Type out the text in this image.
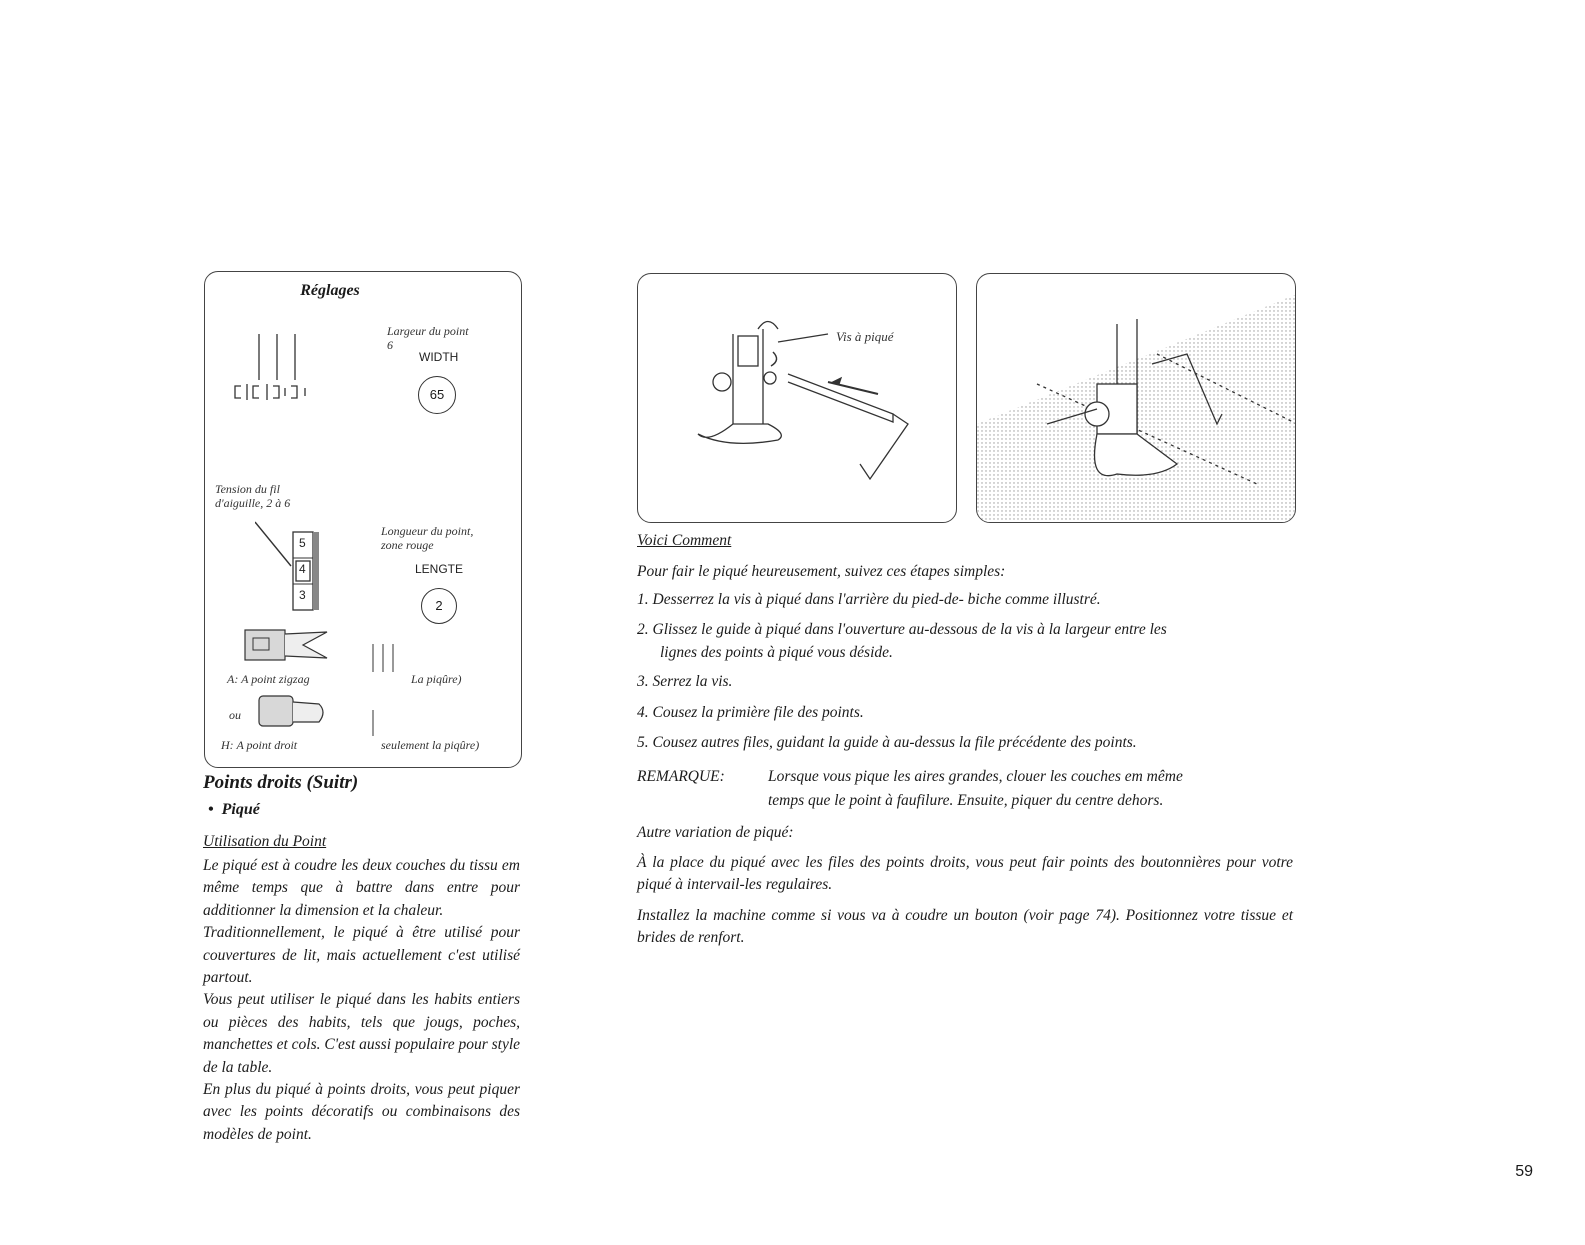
Réglages
Largeur du point
6
WIDTH
65
Tension du fil
d'aiguille, 2 à 6
5
4
3
Longueur du point,
zone rouge
LENGTE
2
A: A point zigzag	La piqûre)
ou
H: A point droit	seulement la piqûre)
Vis à piqué
Points droits (Suitr)
• Piqué
Utilisation du Point

Le piqué est à coudre les deux couches du tissu em même temps que à battre dans entre pour additionner la dimension et la chaleur.

Traditionnellement, le piqué à être utilisé pour couvertures de lit, mais actuellement c'est utilisé partout.

Vous peut utiliser le piqué dans les habits entiers ou pièces des habits, tels que jougs, poches, manchettes et cols. C'est aussi populaire pour style de la table.

En plus du piqué à points droits, vous peut piquer avec les points décoratifs ou combinaisons des modèles de point.

Voici Comment
Pour fair le piqué heureusement, suivez ces étapes simples:
1. Desserrez la vis à piqué dans l'arrière du pied-de- biche comme illustré.
2. Glissez le guide à piqué dans l'ouverture au-dessous de la vis à la largeur entre les
lignes des points à piqué vous déside.
3. Serrez la vis.
4. Cousez la primière file des points.
5. Cousez autres files, guidant la guide à au-dessus la file précédente des points.
REMARQUE:	Lorsque vous pique les aires grandes, clouer les couches em même
temps que le point à faufilure. Ensuite, piquer du centre dehors.
Autre variation de piqué:
À la place du piqué avec les files des points droits, vous peut fair points des boutonnières pour votre piqué à intervail-les regulaires.
Installez la machine comme si vous va à coudre un bouton (voir page 74). Positionnez votre tissue et brides de renfort.
59
